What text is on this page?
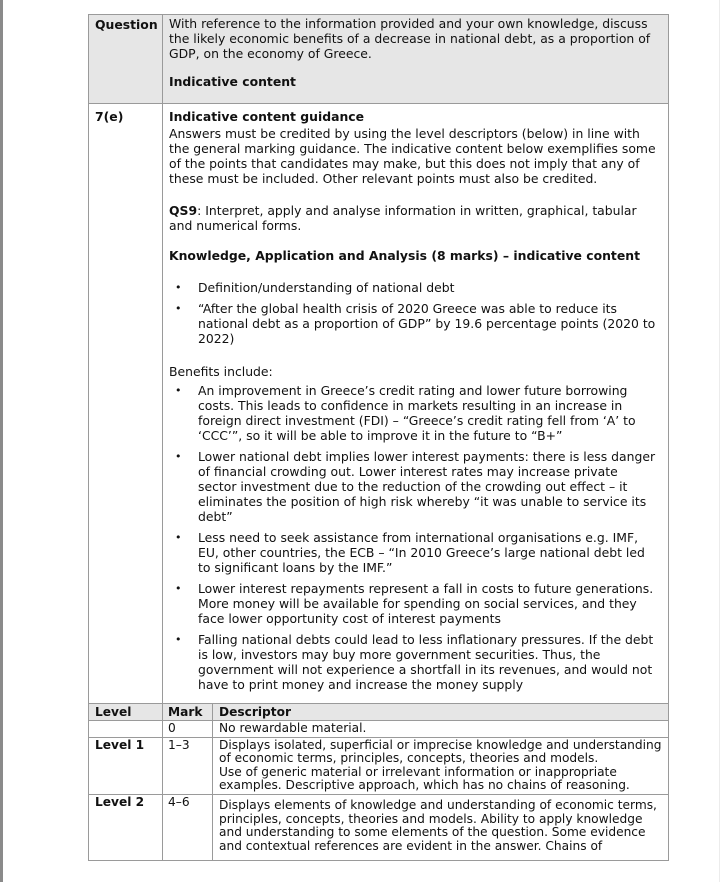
Question	With reference to the information provided and your own knowledge, discuss the likely economic benefits of a decrease in national debt, as a proportion of GDP, on the economy of Greece.

Indicative content

7(e)	Indicative content guidance

Answers must be credited by using the level descriptors (below) in line with the general marking guidance. The indicative content below exemplifies some of the points that candidates may make, but this does not imply that any of these must be included. Other relevant points must also be credited.

QS9: Interpret, apply and analyse information in written, graphical, tabular and numerical forms.

Knowledge, Application and Analysis (8 marks) – indicative content

• Definition/understanding of national debt
• “After the global health crisis of 2020 Greece was able to reduce its national debt as a proportion of GDP” by 19.6 percentage points (2020 to 2022)

Benefits include:

• An improvement in Greece’s credit rating and lower future borrowing costs. This leads to confidence in markets resulting in an increase in foreign direct investment (FDI) – “Greece’s credit rating fell from ‘A’ to ‘CCC’”, so it will be able to improve it in the future to “B+”
• Lower national debt implies lower interest payments: there is less danger of financial crowding out. Lower interest rates may increase private sector investment due to the reduction of the crowding out effect – it eliminates the position of high risk whereby “it was unable to service its debt”
• Less need to seek assistance from international organisations e.g. IMF, EU, other countries, the ECB – “In 2010 Greece’s large national debt led to significant loans by the IMF.”
• Lower interest repayments represent a fall in costs to future generations. More money will be available for spending on social services, and they face lower opportunity cost of interest payments
• Falling national debts could lead to less inflationary pressures. If the debt is low, investors may buy more government securities. Thus, the government will not experience a shortfall in its revenues, and would not have to print money and increase the money supply
Level	Mark	Descriptor
	0	No rewardable material.

Level 1	1–3	Displays isolated, superficial or imprecise knowledge and understanding of economic terms, principles, concepts, theories and models.

Use of generic material or irrelevant information or inappropriate examples. Descriptive approach, which has no chains of reasoning.

Level 2	4–6	Displays elements of knowledge and understanding of economic terms, principles, concepts, theories and models. Ability to apply knowledge and understanding to some elements of the question. Some evidence and contextual references are evident in the answer. Chains of
